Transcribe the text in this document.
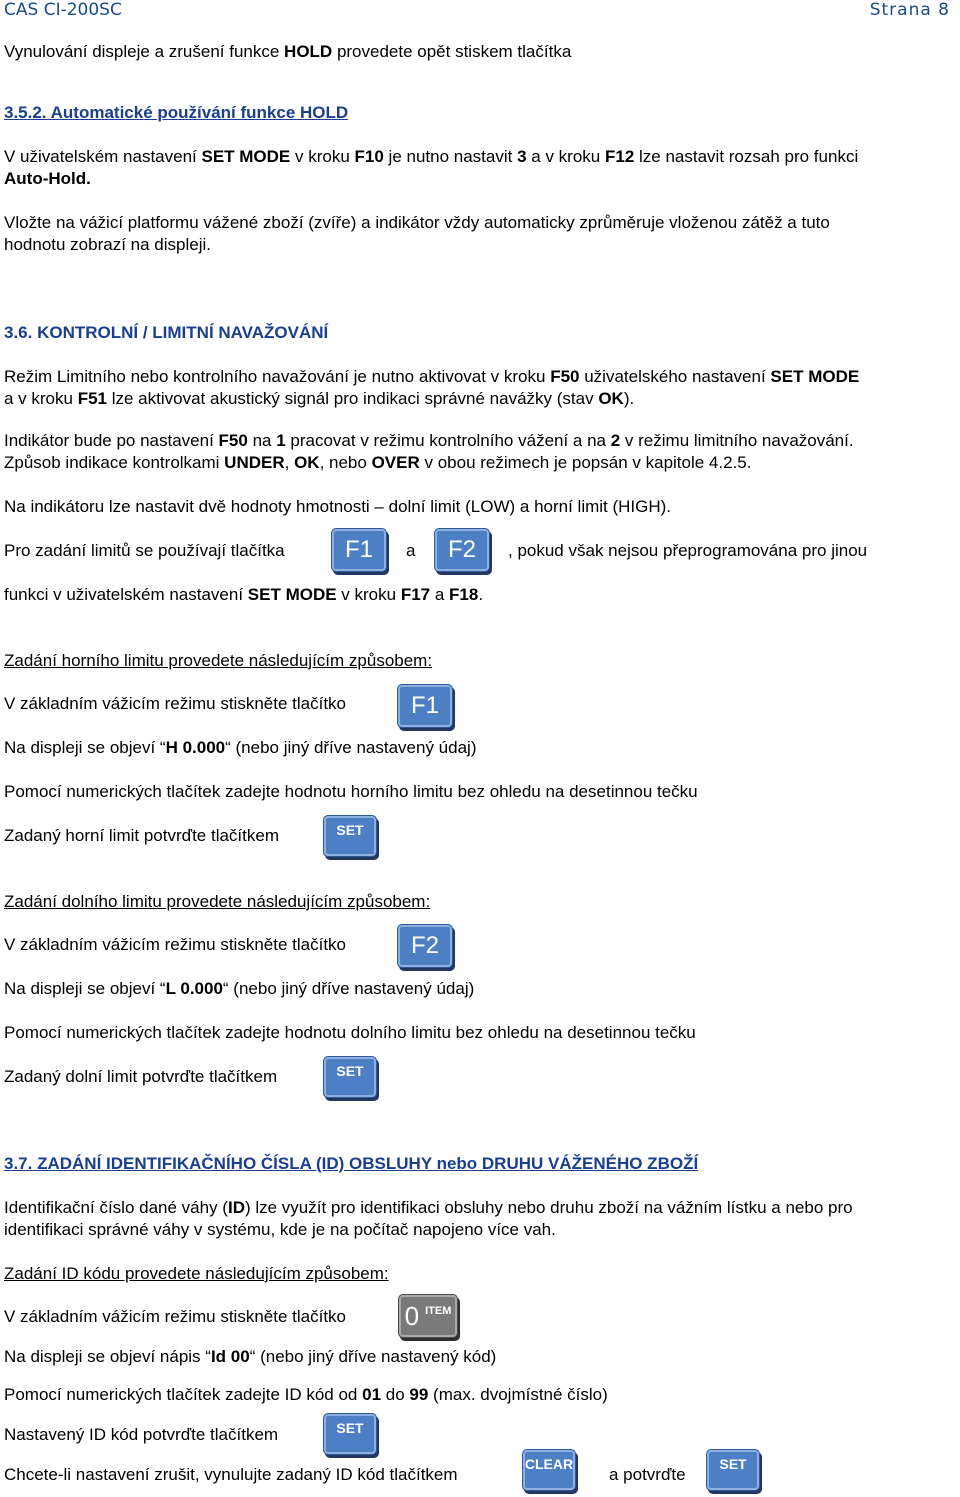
CAS CI-200SC	Strana 8
Vynulování displeje a zrušení funkce HOLD provedete opět stiskem tlačítka
3.5.2. Automatické používání funkce HOLD
V uživatelském nastavení SET MODE v kroku F10 je nutno nastavit 3 a v kroku F12 lze nastavit rozsah pro funkci
Auto-Hold.
Vložte na vážicí platformu vážené zboží (zvíře) a indikátor vždy automaticky zprůměruje vloženou zátěž a tuto
hodnotu zobrazí na displeji.
3.6. KONTROLNÍ / LIMITNÍ NAVAŽOVÁNÍ
Režim Limitního nebo kontrolního navažování je nutno aktivovat v kroku F50 uživatelského nastavení SET MODE
a v kroku F51 lze aktivovat akustický signál pro indikaci správné navážky (stav OK).
Indikátor bude po nastavení F50 na 1 pracovat v režimu kontrolního vážení a na 2 v režimu limitního navažování.
Způsob indikace kontrolkami UNDER, OK, nebo OVER v obou režimech je popsán v kapitole 4.2.5.
Na indikátoru lze nastavit dvě hodnoty hmotnosti – dolní limit (LOW) a horní limit (HIGH).
Pro zadání limitů se používají tlačítka	F1	a	F2	, pokud však nejsou přeprogramována pro jinou
funkci v uživatelském nastavení SET MODE v kroku F17 a F18.
Zadání horního limitu provedete následujícím způsobem:
V základním vážicím režimu stiskněte tlačítko	F1
Na displeji se objeví “H 0.000“ (nebo jiný dříve nastavený údaj)
Pomocí numerických tlačítek zadejte hodnotu horního limitu bez ohledu na desetinnou tečku
Zadaný horní limit potvrďte tlačítkem	SET
Zadání dolního limitu provedete následujícím způsobem:
V základním vážicím režimu stiskněte tlačítko	F2
Na displeji se objeví “L 0.000“ (nebo jiný dříve nastavený údaj)
Pomocí numerických tlačítek zadejte hodnotu dolního limitu bez ohledu na desetinnou tečku
Zadaný dolní limit potvrďte tlačítkem	SET
3.7. ZADÁNÍ IDENTIFIKAČNÍHO ČÍSLA (ID) OBSLUHY nebo DRUHU VÁŽENÉHO ZBOŽÍ
Identifikační číslo dané váhy (ID) lze využít pro identifikaci obsluhy nebo druhu zboží na vážním lístku a nebo pro
identifikaci správné váhy v systému, kde je na počítač napojeno více vah.
Zadání ID kódu provedete následujícím způsobem:
V základním vážicím režimu stiskněte tlačítko 0 ITEM
Na displeji se objeví nápis “Id 00“ (nebo jiný dříve nastavený kód)
Pomocí numerických tlačítek zadejte ID kód od 01 do 99 (max. dvojmístné číslo)
Nastavený ID kód potvrďte tlačítkem	SET
Chcete-li nastavení zrušit, vynulujte zadaný ID kód tlačítkem
CLEAR
a potvrďte
SET
